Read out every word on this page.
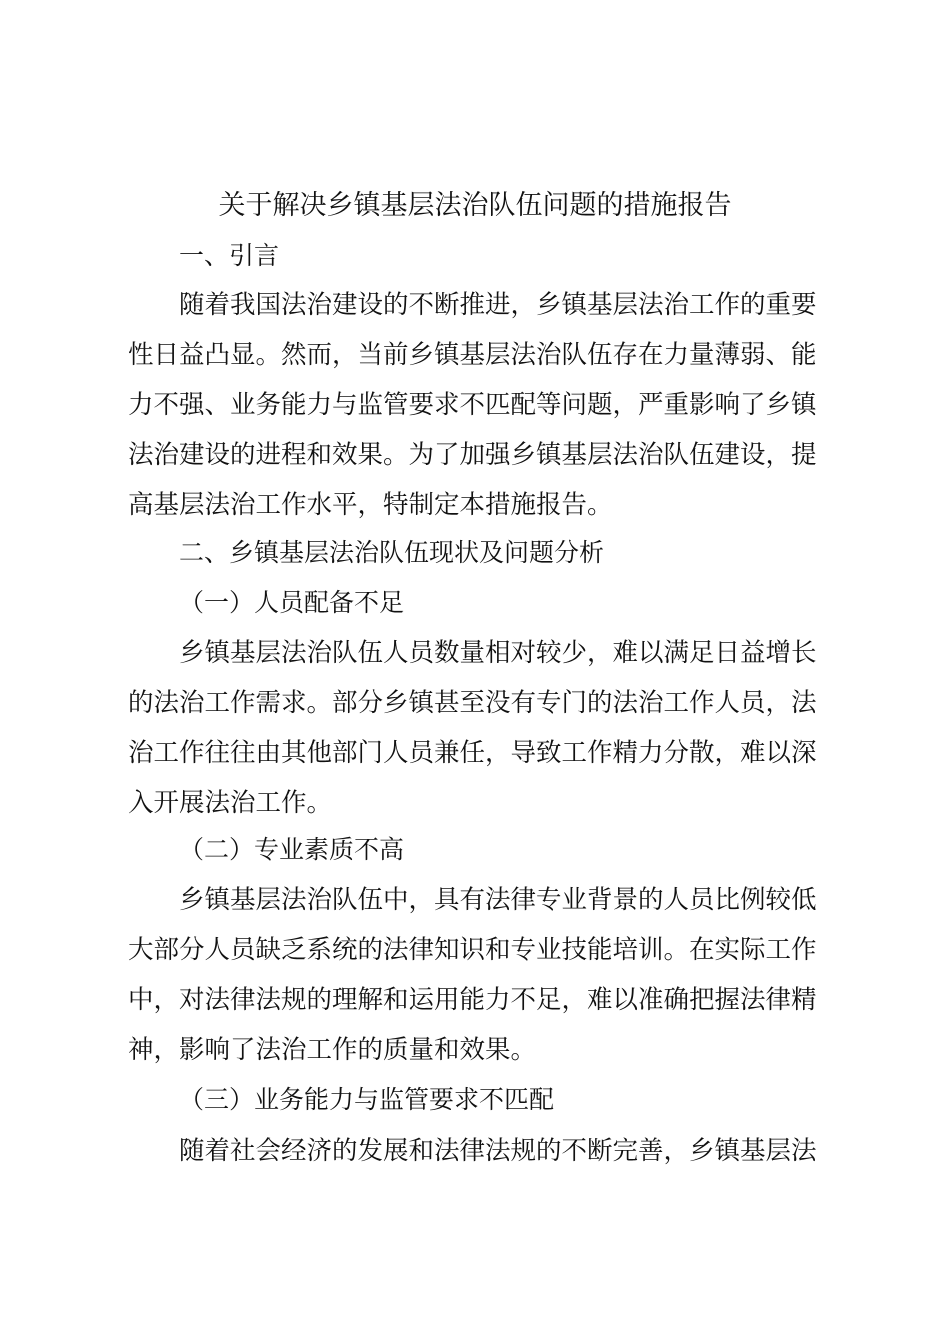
关于解决乡镇基层法治队伍问题的措施报告
一、引言
随着我国法治建设的不断推进，乡镇基层法治工作的重要
性日益凸显。然而，当前乡镇基层法治队伍存在力量薄弱、能
力不强、业务能力与监管要求不匹配等问题，严重影响了乡镇
法治建设的进程和效果。为了加强乡镇基层法治队伍建设，提
高基层法治工作水平，特制定本措施报告。
二、乡镇基层法治队伍现状及问题分析
（一）人员配备不足
乡镇基层法治队伍人员数量相对较少，难以满足日益增长
的法治工作需求。部分乡镇甚至没有专门的法治工作人员，法
治工作往往由其他部门人员兼任，导致工作精力分散，难以深
入开展法治工作。
（二）专业素质不高
乡镇基层法治队伍中，具有法律专业背景的人员比例较低
大部分人员缺乏系统的法律知识和专业技能培训。在实际工作
中，对法律法规的理解和运用能力不足，难以准确把握法律精
神，影响了法治工作的质量和效果。
（三）业务能力与监管要求不匹配
随着社会经济的发展和法律法规的不断完善，乡镇基层法
